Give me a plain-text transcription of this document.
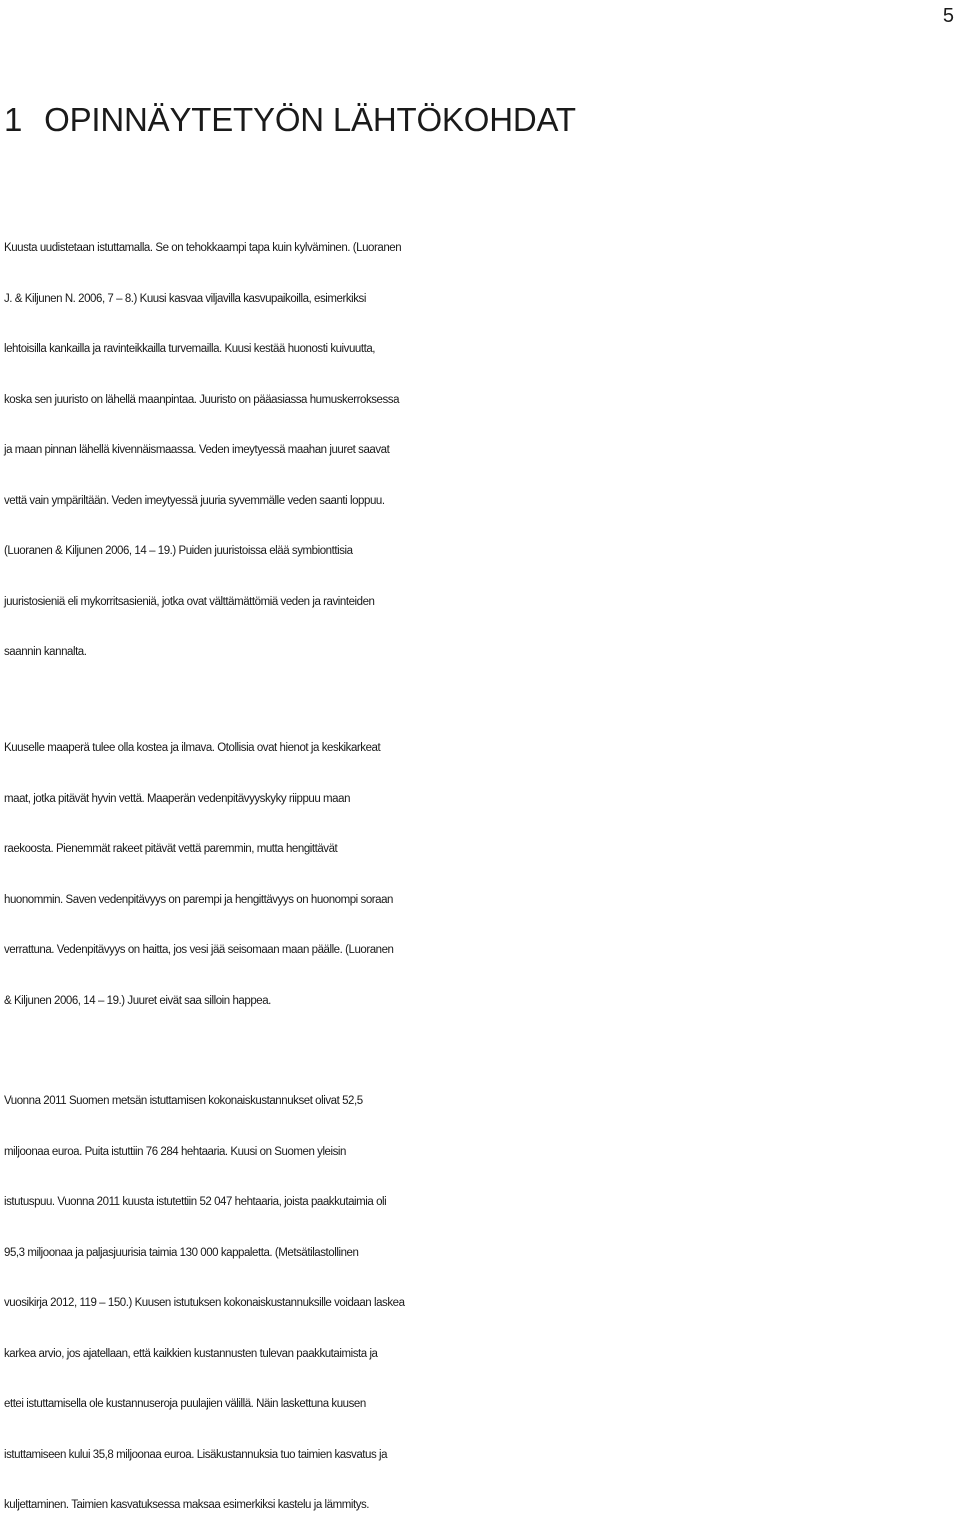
5
1 OPINNÄYTETYÖN LÄHTÖKOHDAT

Kuusta uudistetaan istuttamalla. Se on tehokkaampi tapa kuin kylväminen. (Luoranen
J. & Kiljunen N. 2006, 7 – 8.) Kuusi kasvaa viljavilla kasvupaikoilla, esimerkiksi
lehtoisilla kankailla ja ravinteikkailla turvemailla. Kuusi kestää huonosti kuivuutta,
koska sen juuristo on lähellä maanpintaa. Juuristo on pääasiassa humuskerroksessa
ja maan pinnan lähellä kivennäismaassa. Veden imeytyessä maahan juuret saavat
vettä vain ympäriltään. Veden imeytyessä juuria syvemmälle veden saanti loppuu.
(Luoranen & Kiljunen 2006, 14 – 19.) Puiden juuristoissa elää symbionttisia
juuristosieniä eli mykorritsasieniä, jotka ovat välttämättömiä veden ja ravinteiden
saannin kannalta.

Kuuselle maaperä tulee olla kostea ja ilmava. Otollisia ovat hienot ja keskikarkeat
maat, jotka pitävät hyvin vettä. Maaperän vedenpitävyyskyky riippuu maan
raekoosta. Pienemmät rakeet pitävät vettä paremmin, mutta hengittävät
huonommin. Saven vedenpitävyys on parempi ja hengittävyys on huonompi soraan
verrattuna. Vedenpitävyys on haitta, jos vesi jää seisomaan maan päälle. (Luoranen
& Kiljunen 2006, 14 – 19.) Juuret eivät saa silloin happea.

Vuonna 2011 Suomen metsän istuttamisen kokonaiskustannukset olivat 52,5
miljoonaa euroa. Puita istuttiin 76 284 hehtaaria. Kuusi on Suomen yleisin
istutuspuu. Vuonna 2011 kuusta istutettiin 52 047 hehtaaria, joista paakkutaimia oli
95,3 miljoonaa ja paljasjuurisia taimia 130 000 kappaletta. (Metsätilastollinen
vuosikirja 2012, 119 – 150.) Kuusen istutuksen kokonaiskustannuksille voidaan laskea
karkea arvio, jos ajatellaan, että kaikkien kustannusten tulevan paakkutaimista ja
ettei istuttamisella ole kustannuseroja puulajien välillä. Näin laskettuna kuusen
istuttamiseen kului 35,8 miljoonaa euroa. Lisäkustannuksia tuo taimien kasvatus ja
kuljettaminen. Taimien kasvatuksessa maksaa esimerkiksi kastelu ja lämmitys.
